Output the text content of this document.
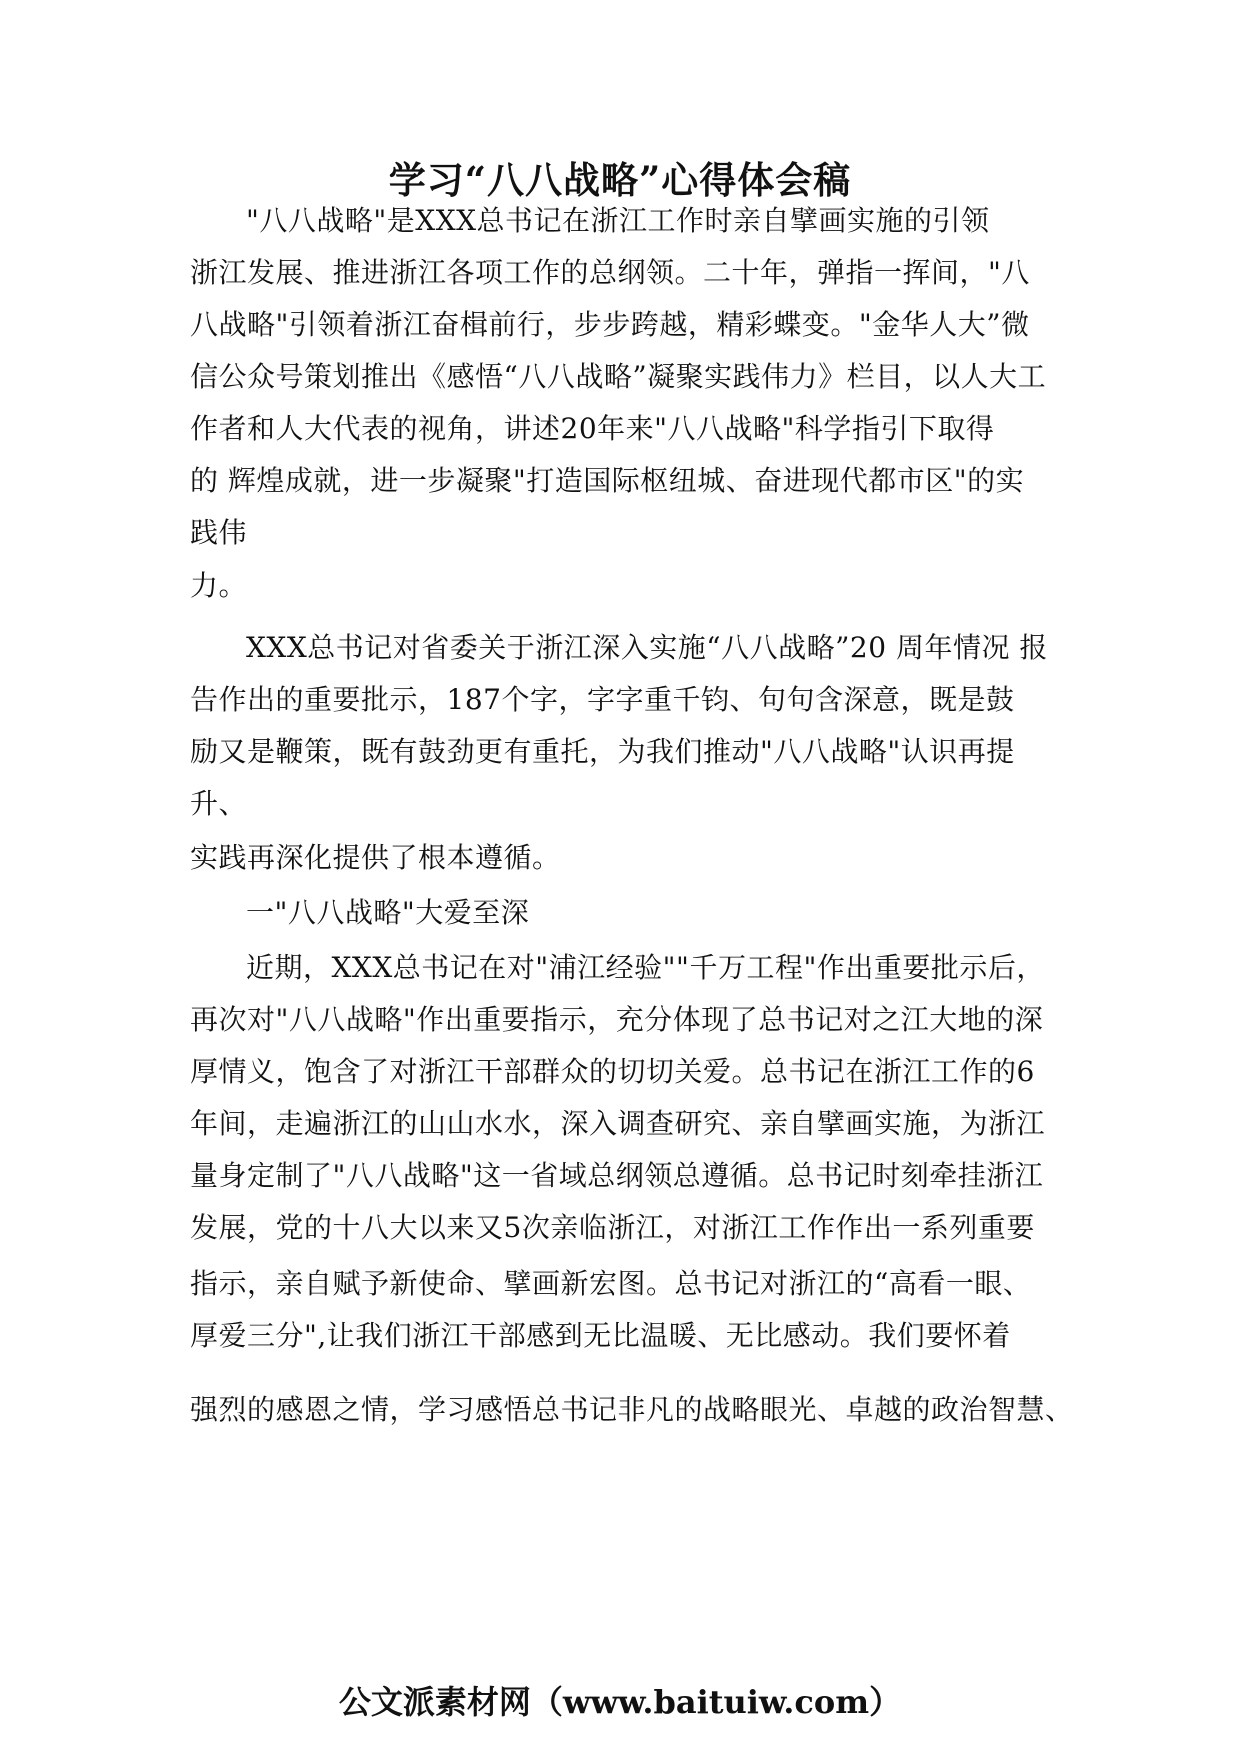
学习“八八战略”心得体会稿
"八八战略"是XXX总书记在浙江工作时亲自擘画实施的引领
浙江发展、推进浙江各项工作的总纲领。二十年，弹指一挥间，"八
八战略"引领着浙江奋楫前行，步步跨越，精彩蝶变。"金华人大”微
信公众号策划推出《感悟“八八战略”凝聚实践伟力》栏目，以人大工
作者和人大代表的视角，讲述20年来"八八战略"科学指引下取得
的 辉煌成就，进一步凝聚"打造国际枢纽城、奋进现代都市区"的实
践伟
力。
XXX总书记对省委关于浙江深入实施“八八战略”20 周年情况 报
告作出的重要批示，187个字，字字重千钧、句句含深意，既是鼓
励又是鞭策，既有鼓劲更有重托，为我们推动"八八战略"认识再提
升、
实践再深化提供了根本遵循。
一"八八战略"大爱至深
近期，XXX总书记在对"浦江经验""千万工程"作出重要批示后，
再次对"八八战略"作出重要指示，充分体现了总书记对之江大地的深
厚情义，饱含了对浙江干部群众的切切关爱。总书记在浙江工作的6
年间，走遍浙江的山山水水，深入调查研究、亲自擘画实施，为浙江
量身定制了"八八战略"这一省域总纲领总遵循。总书记时刻牵挂浙江
发展，党的十八大以来又5次亲临浙江，对浙江工作作出一系列重要
指示，亲自赋予新使命、擘画新宏图。总书记对浙江的“高看一眼、
厚爱三分",让我们浙江干部感到无比温暖、无比感动。我们要怀着
强烈的感恩之情，学习感悟总书记非凡的战略眼光、卓越的政治智慧、
公文派素材网（www.baituiw.com）
